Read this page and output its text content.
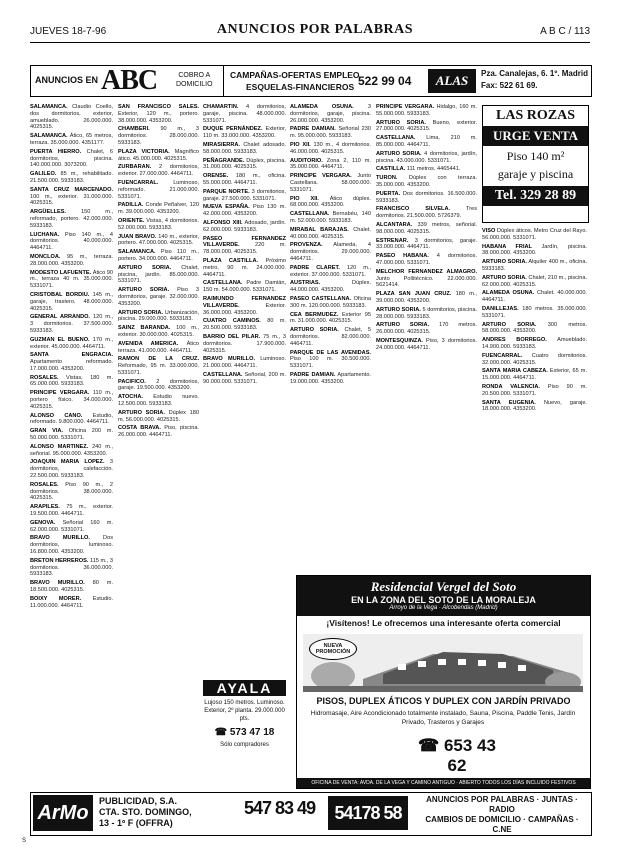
JUEVES 18-7-96	ANUNCIOS POR PALABRAS	A B C / 113
ANUNCIOS EN ABC	COBRO A
DOMICILIO
CAMPAÑAS-OFERTAS EMPLEO
ESQUELAS-FINANCIEROS 522 99 04	ALAS	Pza. Canalejas, 6. 1º. Madrid
Fax: 522 61 69.

SALAMANCA. Claudio Coello, dos dormitorios, exterior, amueblado. 26.000.000. 4025315.

SALAMANCA. Ático, 65 metros, terraza. 35.000.000. 4351177.

PUERTA HIERRO. Chalet, 6 dormitorios, piscina. 140.000.000. 3073200.

GALILEO. 85 m., rehabilitado. 21.500.000. 5933183.

SANTA CRUZ MARCENADO. 100 m., exterior. 31.000.000. 4025315.

ARGÜELLES.	150 m., reformado, portero. 42.000.000. 5933183.

LUCHANA. Piso 140 m., 4 dormitorios. 40.000.000. 4464711.

MONCLOA. 95 m., terraza. 28.000.000. 4353200.

MODESTO LAFUENTE. Ático 90 m., terraza 40 m. 35.000.000. 5331071.

CRISTOBAL BORDIU. 145 m., garaje, trastero. 48.000.000. 4025315.

GENERAL ARRANDO. 120 m., 3 dormitorios. 37.500.000. 5933183.

GUZMAN EL BUENO. 170 m., exterior. 45.000.000. 4464711.

SANTA ENGRACIA. Apartamento reformado. 17.000.000. 4353200.

ROSALES. Vistas, 180 m. 65.000.000. 5933183.

PRINCIPE VERGARA. 110 m., portero físico. 34.000.000. 4025315.

ALONSO CANO. Estudio, reformado. 9.800.000. 4464711.

GRAN VIA. Oficina 200 m. 50.000.000. 5331071.

ALONSO MARTINEZ. 240 m., señorial. 95.000.000. 4353200.

JOAQUIN MARIA LOPEZ. 3 dormitorios, calefacción. 22.500.000. 5933183.

ROSALES. Piso 90 m., 2 dormitorios. 38.000.000. 4025315.

ARAPILES. 75 m., exterior. 19.500.000. 4464711.

GENOVA. Señorial 160 m. 62.000.000. 5331071.

BRAVO MURILLO. Dos dormitorios, luminoso. 16.800.000. 4353200.

BRETON HERREROS. 115 m., 3 dormitorios. 36.000.000. 5933183.

BRAVO MURILLO. 80 m. 18.500.000. 4025315.

BOIXY MORER. Estudio. 11.000.000. 4464711.

SAN FRANCISCO SALES. Exterior, 120 m., portero. 38.000.000. 4353200.

CHAMBERI. 90 m., 3 dormitorios. 28.000.000. 5933183.

PLAZA VICTORIA. Magnífico ático. 45.000.000. 4025315.

ZURBARAN. 2 dormitorios, exterior. 27.000.000. 4464711.

FUENCARRAL.	Luminoso, reformado. 21.000.000. 5331071.

PADILLA. Conde Peñalver, 120 m. 39.000.000. 4353200.

ORIENTE. Vistas, 4 dormitorios. 52.000.000. 5933183.

JUAN BRAVO. 140 m., exterior, portero. 47.000.000. 4025315.

SALAMANCA. Piso 110 m., portero. 34.000.000. 4464711.

ARTURO SORIA. Chalet, piscina, jardín. 85.000.000. 5331071.

ARTURO SORIA. Piso 3 dormitorios, garaje. 32.000.000. 4353200.

ARTURO SORIA. Urbanización, piscina. 29.000.000. 5933183.

SAINZ BARANDA. 100 m., exterior. 30.000.000. 4025315.

AVENIDA AMERICA. Ático terraza. 41.000.000. 4464711.

RAMON DE LA CRUZ. Reformado, 95 m. 33.000.000. 5331071.

PACIFICO. 2 dormitorios, garaje. 19.500.000. 4353200.

ATOCHA. Estudio nuevo. 12.500.000. 5933183.

ARTURO SORIA. Dúplex 180 m. 56.000.000. 4025315.

COSTA BRAVA. Piso, piscina. 26.000.000. 4464711.

CHAMARTIN. 4 dormitorios, garaje, piscina. 48.000.000. 5331071.

DUQUE PERNÁNDEZ. Exterior, 110 m. 33.000.000. 4353200.

MIRASIERRA. Chalet adosado. 58.000.000. 5933183.

PEÑAGRANDE. Dúplex, piscina. 31.000.000. 4025315.

ORENSE. 180 m., oficina. 55.000.000. 4464711.

PARQUE NORTE. 3 dormitorios, garaje. 27.500.000. 5331071.

NUEVA ESPAÑA. Piso 130 m. 42.000.000. 4353200.

ALFONSO XIII. Adosado, jardín. 62.000.000. 5933183.

PASEO FERNANDEZ VILLAVERDE.	220 m. 78.000.000. 4025315.

PLAZA CASTILLA. Próximo metro, 90 m. 24.000.000. 4464711.

CASTELLANA. Padre Damián, 150 m. 54.000.000. 5331071.

RAIMUNDO FERNANDEZ VILLAVERDE.	Exterior. 36.000.000. 4353200.

CUATRO CAMINOS. 80 m. 20.500.000. 5933183.

BARRIO DEL PILAR. 75 m., 3 dormitorios. 17.900.000. 4025315.

BRAVO MURILLO. Luminoso. 21.000.000. 4464711.

CASTELLANA. Señorial, 200 m. 90.000.000. 5331071.

ALAMEDA OSUNA.	3 dormitorios, garaje, piscina. 26.000.000. 4353200.

PADRE DAMIAN. Señorial 230 m. 95.000.000. 5933183.

PIO XII. 130 m., 4 dormitorios. 46.000.000. 4025315.

AUDITORIO. Zona 2, 110 m. 35.000.000. 4464711.

PRINCIPE VERGARA. Junto Castellana. 58.000.000. 5331071.

PIO XII. Ático dúplex. 68.000.000. 4353200.

CASTELLANA. Bernabéu, 140 m. 52.000.000. 5933183.

MIRABAL BARAJAS. Chalet. 40.000.000. 4025315.

PROVENZA. Alameda, 4 dormitorios. 29.000.000. 4464711.

PADRE CLARET. 120 m., exterior. 37.000.000. 5331071.

AUSTRIAS.	Dúplex. 44.000.000. 4353200.

PASEO CASTELLANA. Oficina 300 m. 120.000.000. 5933183.

CEA BERMUDEZ. Exterior 95 m. 31.000.000. 4025315.

ARTURO SORIA. Chalet, 5 dormitorios. 82.000.000. 4464711.

PARQUE DE LAS AVENIDAS. Piso 100 m. 30.500.000. 5331071.

PADRE DAMIAN. Apartamento. 19.000.000. 4353200.

PRINCIPE VERGARA. Hidalgo, 160 m. 55.000.000. 5933183.

ARTURO SORIA. Bueno, exterior. 27.000.000. 4025315.

CASTELLANA. Lima, 210 m. 85.000.000. 4464711.

ARTURO SORIA. 4 dormitorios, jardín, piscina. 43.000.000. 5331071.

CASTILLA. 111 metros. 4465441.

TURON. Dúplex con terraza. 35.000.000. 4353200.

PUERTA. Dos dormitorios. 16.500.000. 5933183.

FRANCISCO SILVELA.	Tres dormitorios. 21.500.000. 5726379.

ALCANTARA. 339 metros, señorial. 98.000.000. 4025315.

ESTRENAR. 3 dormitorios, garaje. 33.000.000. 4464711.

PASEO HABANA. 4 dormitorios. 47.000.000. 5331071.

MELCHOR FERNANDEZ ALMAGRO. Junto Pollitécnico. 22.000.000. 5621414.

PLAZA SAN JUAN CRUZ. 180 m., 39.000.000. 4353200.

ARTURO SORIA. 5 dormitorios, piscina. 28.000.000. 5933183.

ARTURO SORIA. 170 metros. 26.000.000. 4025315.

MONTESQUINZA. Piso, 3 dormitorios. 24.000.000. 4464711.

VISO Dúplex áticos. Metro Cruz del Rayo. 56.000.000. 5331071.

HABANA FRIAL Jardín, piscina. 38.000.000. 4353200.

ARTURO SORIA. Alquiler 400 m., oficina. 5933183.

ARTURO SORIA. Chalet, 210 m., piscina. 62.000.000. 4025315.

ALAMEDA OSUNA. Chalet. 40.000.000. 4464711.

DANILLEJAS. 180 metros. 35.000.000. 5331071.

ARTURO SORIA. 300 metros. 58.000.000. 4353200.

ANDRES BORREGO. Amueblado. 14.900.000. 5933183.

FUENCARRAL. Cuatro dormitorios. 32.000.000. 4025315.

SANTA MARIA CABEZA. Exterior, 65 m. 15.000.000. 4464711.

RONDA VALENCIA. Piso 90 m. 20.500.000. 5331071.

SANTA EUGENIA. Nuevo, garaje. 18.000.000. 4353200.

LAS ROZAS
URGE VENTA
Piso 140 m²
garaje y piscina
Tel. 329 28 89
AYALA
Lujoso 150 metros. Luminoso. Exterior, 2º planta. 29.000.000 pts.
☎ 573 47 18
Sólo compradores
Residencial Vergel del Soto
EN LA ZONA DEL SOTO DE LA MORALEJA
Arroyo de la Vega · Alcobendas (Madrid)
¡Visítenos! Le ofrecemos una interesante oferta comercial
NUEVA PROMOCIÓN
PISOS, DUPLEX ÁTICOS Y DUPLEX CON JARDÍN PRIVADO
Hidromasaje, Aire Acondicionado totalmente instalado, Sauna, Piscina, Paddle Tenis, Jardín Privado, Trasteros y Garajes
☎ 653 43 62
OFICINA DE VENTA: AVDA. DE LA VEGA Y CAMINO ANTIGUO · ABIERTO TODOS LOS DÍAS INCLUIDO FESTIVOS
ArMo
PUBLICIDAD, S.A.
CTA. STO. DOMINGO,
13 - 1º F (OFFRA)
547 83 49	54178 58
ANUNCIOS POR PALABRAS · JUNTAS · RADIO
CAMBIOS DE DOMICILIO · CAMPAÑAS · C.NE
S
